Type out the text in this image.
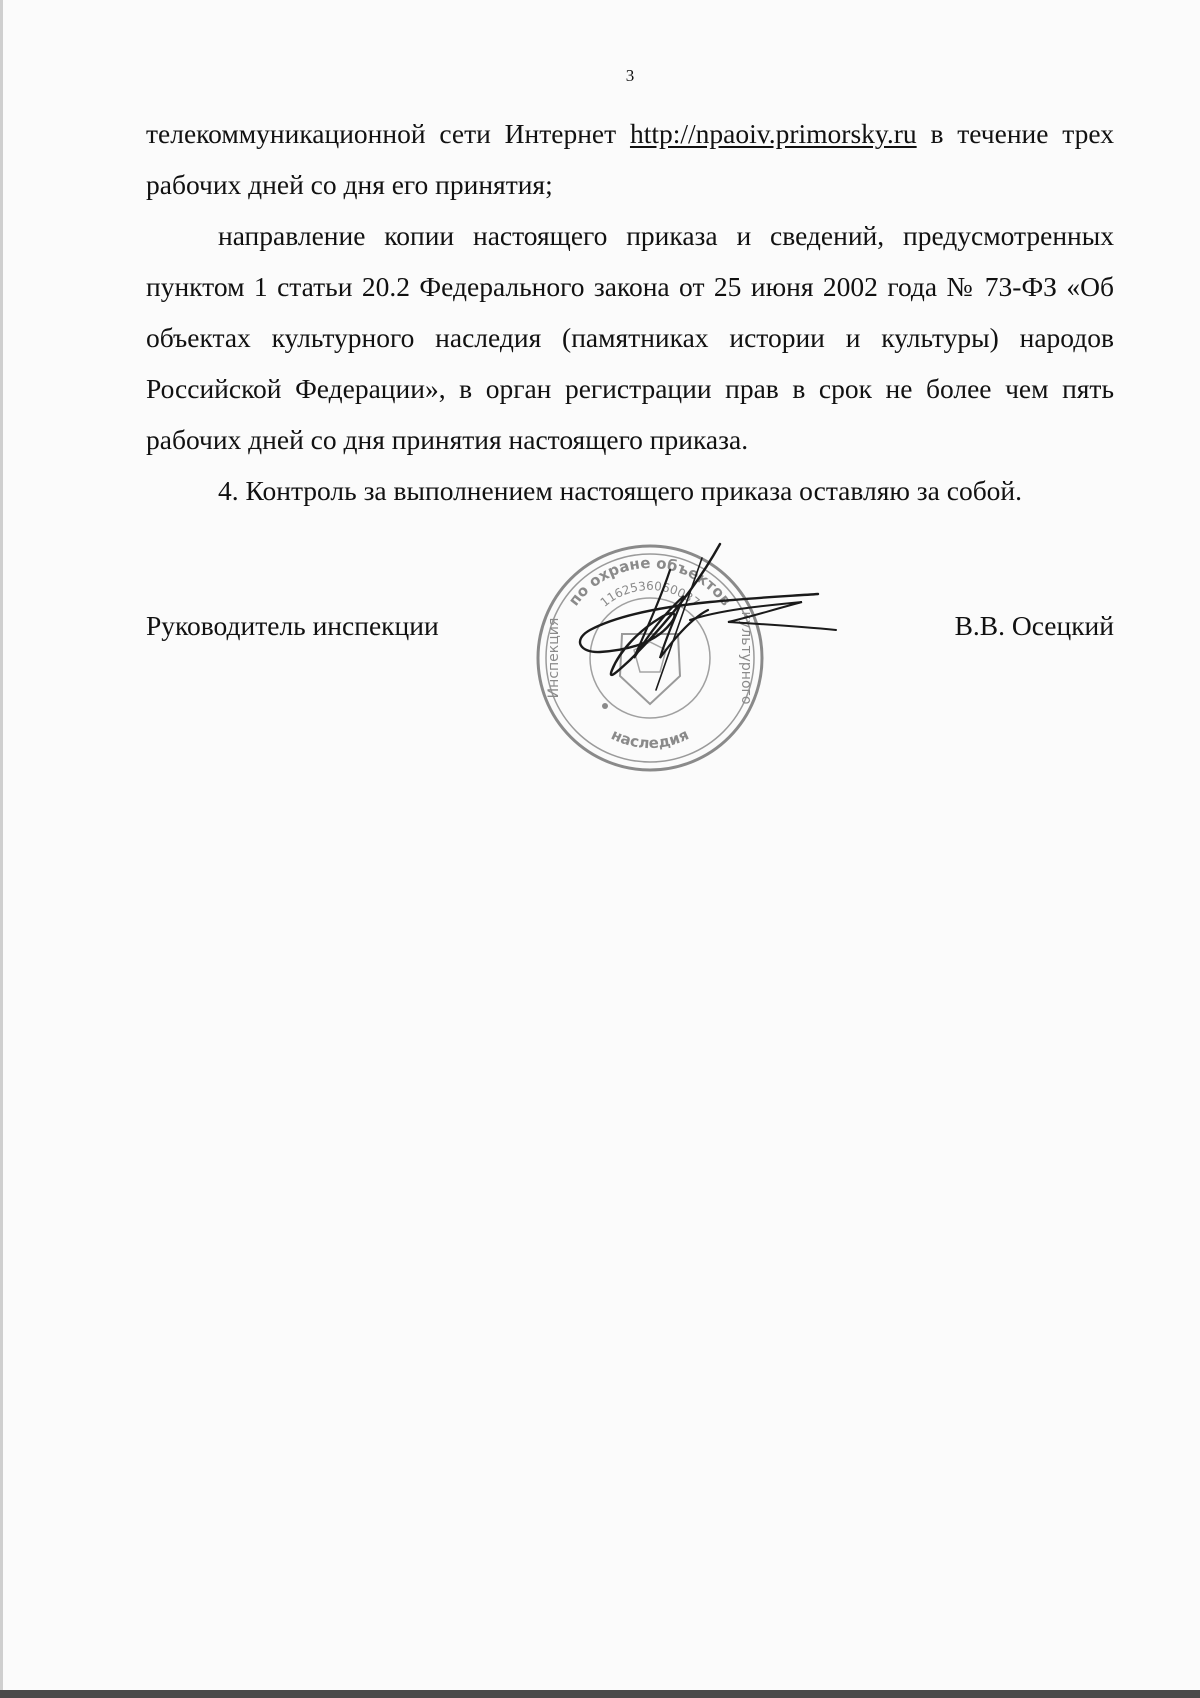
3

телекоммуникационной сети Интернет http://npaoiv.primorsky.ru в течение трех рабочих дней со дня его принятия;

направление копии настоящего приказа и сведений, предусмотренных пунктом 1 статьи 20.2 Федерального закона от 25 июня 2002 года № 73-ФЗ «Об объектах культурного наследия (памятниках истории и культуры) народов Российской Федерации», в орган регистрации прав в срок не более чем пять рабочих дней со дня принятия настоящего приказа.

4. Контроль за выполнением настоящего приказа оставляю за собой.

Руководитель инспекции	В.В. Осецкий
по охране объектов
наследия
1162536060087
Инспекция	культурного
